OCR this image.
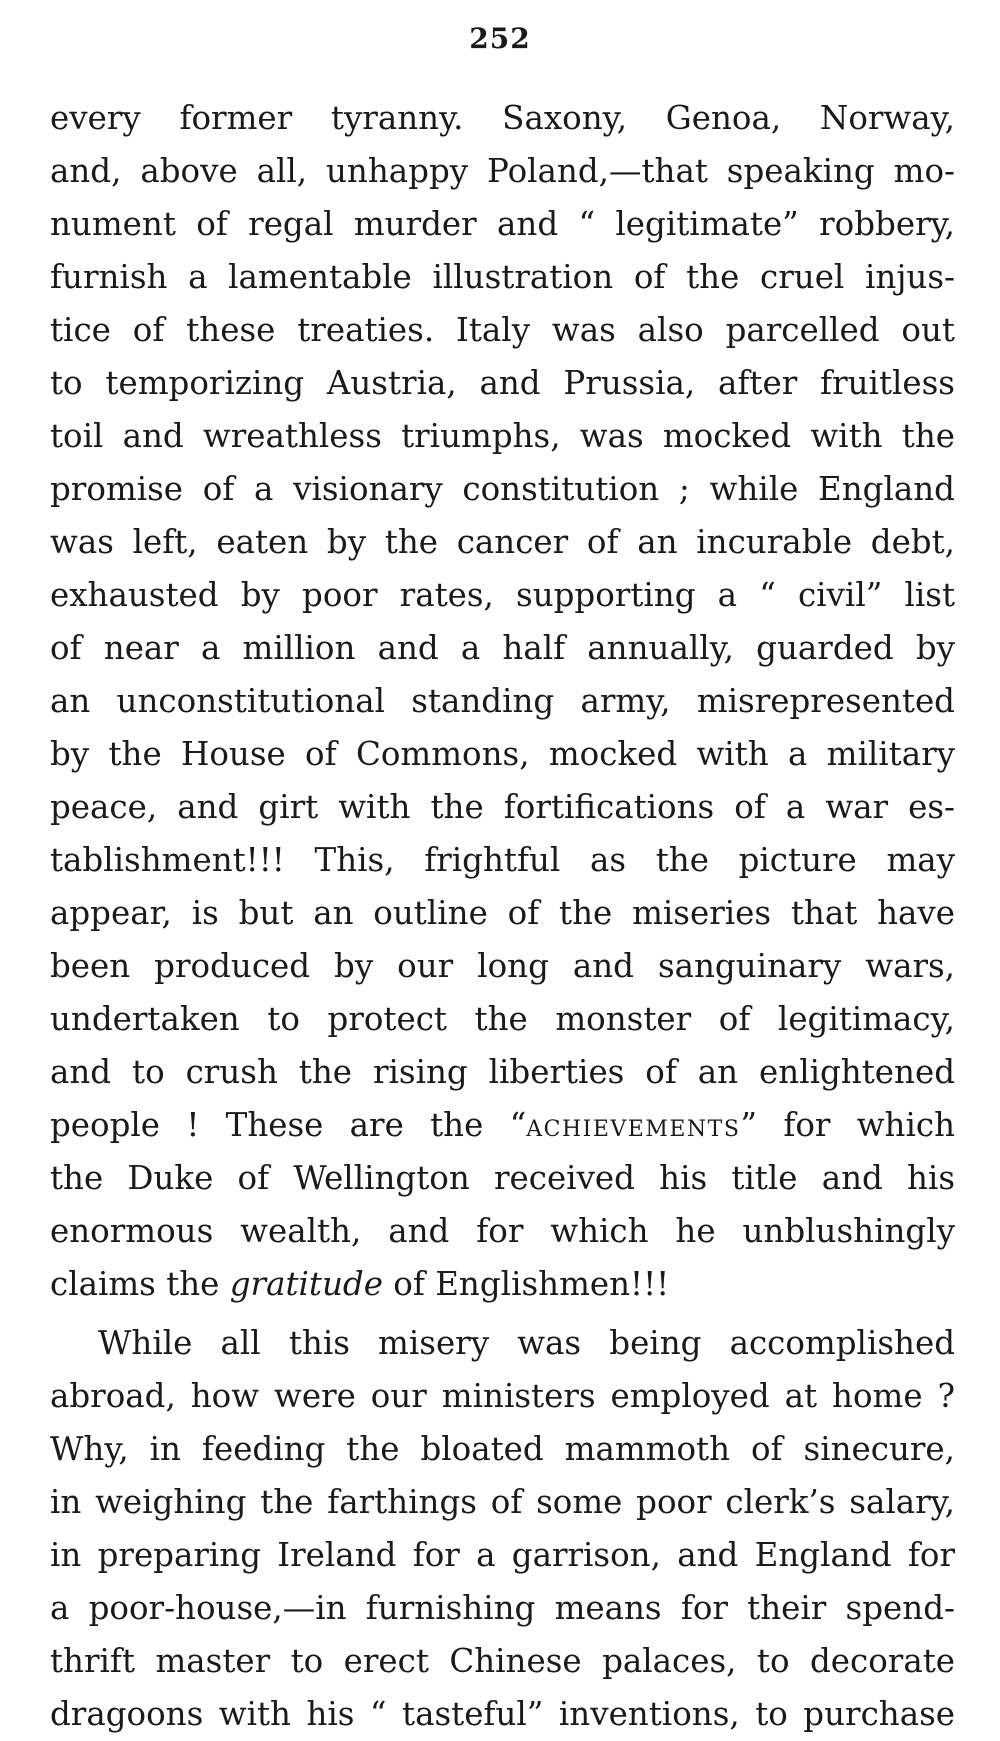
252
every former tyranny. Saxony, Genoa, Norway,
and, above all, unhappy Poland,—that speaking mo-
nument of regal murder and “ legitimate” robbery,
furnish a lamentable illustration of the cruel injus-
tice of these treaties. Italy was also parcelled out
to temporizing Austria, and Prussia, after fruitless
toil and wreathless triumphs, was mocked with the
promise of a visionary constitution ; while England
was left, eaten by the cancer of an incurable debt,
exhausted by poor rates, supporting a “ civil” list
of near a million and a half annually, guarded by
an unconstitutional standing army, misrepresented
by the House of Commons, mocked with a military
peace, and girt with the fortifications of a war es-
tablishment!!! This, frightful as the picture may
appear, is but an outline of the miseries that have
been produced by our long and sanguinary wars,
undertaken to protect the monster of legitimacy,
and to crush the rising liberties of an enlightened
people ! These are the “ACHIEVEMENTS” for which
the Duke of Wellington received his title and his
enormous wealth, and for which he unblushingly
claims the gratitude of Englishmen!!!
While all this misery was being accomplished
abroad, how were our ministers employed at home ?
Why, in feeding the bloated mammoth of sinecure,
in weighing the farthings of some poor clerk’s salary,
in preparing Ireland for a garrison, and England for
a poor-house,—in furnishing means for their spend-
thrift master to erect Chinese palaces, to decorate
dragoons with his “ tasteful” inventions, to purchase
